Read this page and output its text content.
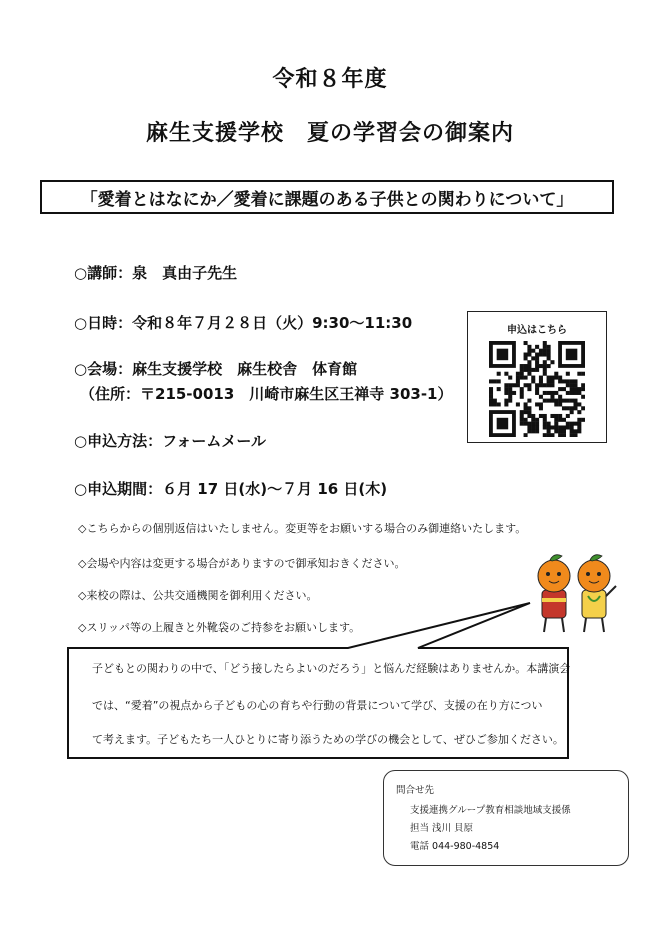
令和８年度
麻生支援学校　夏の学習会の御案内
「愛着とはなにか／愛着に課題のある子供との関わりについて」
○講師：泉　真由子先生
○日時：令和８年７月２８日（火）9:30～11:30
○会場：麻生支援学校　麻生校舎　体育館
（住所：〒215-0013　川崎市麻生区王禅寺 303-1）
○申込方法：フォームメール
○申込期間：６月 17 日(水)～７月 16 日(木)
◇こちらからの個別返信はいたしません。変更等をお願いする場合のみ御連絡いたします。
◇会場や内容は変更する場合がありますので御承知おきください。
◇来校の際は、公共交通機関を御利用ください。
◇スリッパ等の上履きと外靴袋のご持参をお願いします。
申込はこちら
子どもとの関わりの中で、「どう接したらよいのだろう」と悩んだ経験はありませんか。本講演会
では、“愛着”の視点から子どもの心の育ちや行動の背景について学び、支援の在り方につい
て考えます。子どもたち一人ひとりに寄り添うための学びの機会として、ぜひご参加ください。
問合せ先
支援連携グループ教育相談地域支援係
担当 浅川 貝原
電話 044-980-4854
